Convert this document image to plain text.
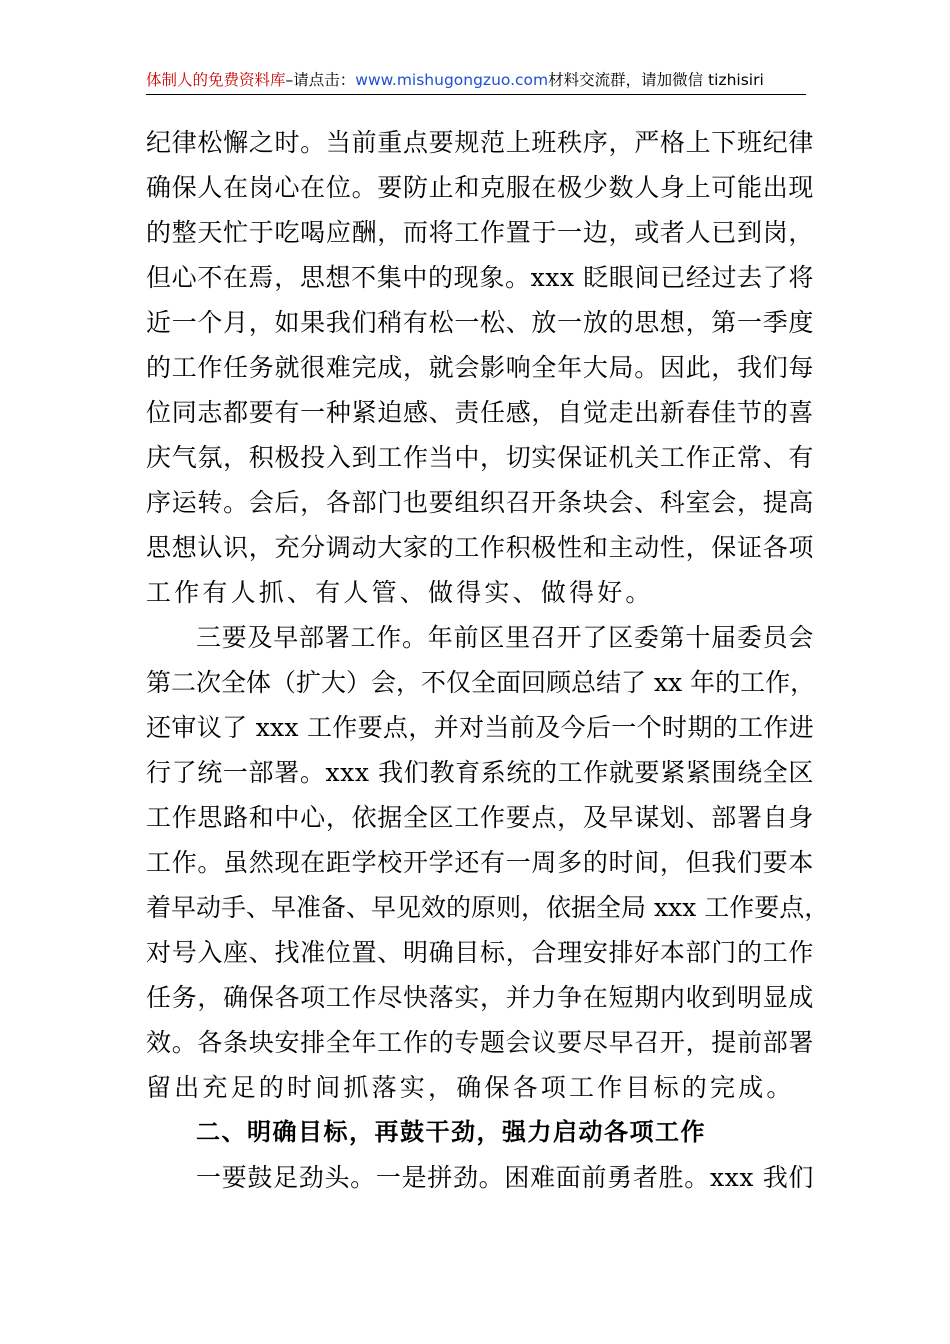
体制人的免费资料库–请点击：www.mishugongzuo.com材料交流群，请加微信 tizhisiri
纪律松懈之时。当前重点要规范上班秩序，严格上下班纪律
确保人在岗心在位。要防止和克服在极少数人身上可能出现
的整天忙于吃喝应酬，而将工作置于一边，或者人已到岗，
但心不在焉，思想不集中的现象。xxx 眨眼间已经过去了将
近一个月，如果我们稍有松一松、放一放的思想，第一季度
的工作任务就很难完成，就会影响全年大局。因此，我们每
位同志都要有一种紧迫感、责任感，自觉走出新春佳节的喜
庆气氛，积极投入到工作当中，切实保证机关工作正常、有
序运转。会后，各部门也要组织召开条块会、科室会，提高
思想认识，充分调动大家的工作积极性和主动性，保证各项
工作有人抓、有人管、做得实、做得好。
三要及早部署工作。年前区里召开了区委第十届委员会
第二次全体（扩大）会，不仅全面回顾总结了 xx 年的工作，
还审议了 xxx 工作要点，并对当前及今后一个时期的工作进
行了统一部署。xxx 我们教育系统的工作就要紧紧围绕全区
工作思路和中心，依据全区工作要点，及早谋划、部署自身
工作。虽然现在距学校开学还有一周多的时间，但我们要本
着早动手、早准备、早见效的原则，依据全局 xxx 工作要点，
对号入座、找准位置、明确目标，合理安排好本部门的工作
任务，确保各项工作尽快落实，并力争在短期内收到明显成
效。各条块安排全年工作的专题会议要尽早召开，提前部署
留出充足的时间抓落实，确保各项工作目标的完成。
二、明确目标，再鼓干劲，强力启动各项工作
一要鼓足劲头。一是拼劲。困难面前勇者胜。xxx 我们
